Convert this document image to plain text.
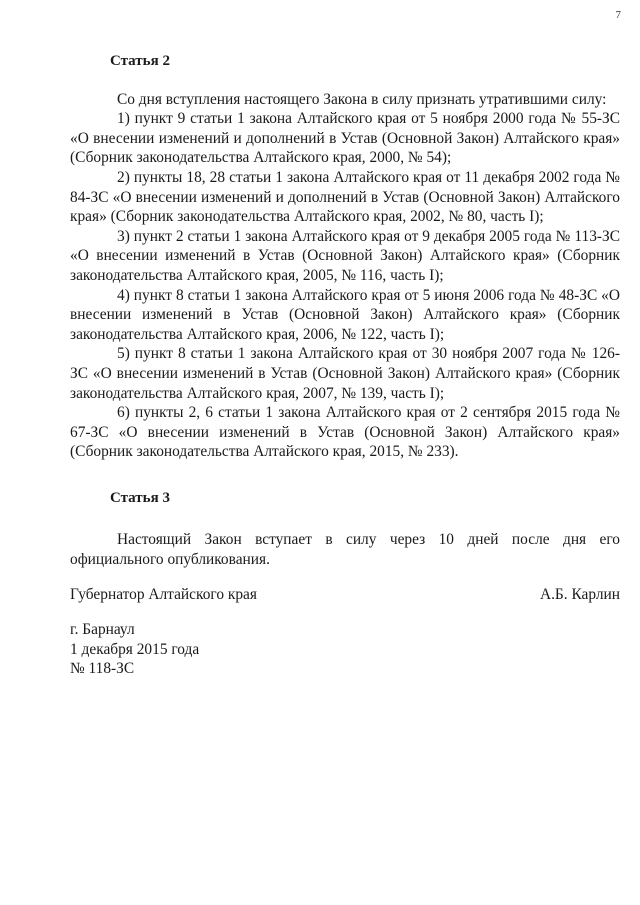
7

Статья 2

Со дня вступления настоящего Закона в силу признать утратившими силу:

1) пункт 9 статьи 1 закона Алтайского края от 5 ноября 2000 года № 55-ЗС «О внесении изменений и дополнений в Устав (Основной Закон) Алтайского края» (Сборник законодательства Алтайского края, 2000, № 54);

2) пункты 18, 28 статьи 1 закона Алтайского края от 11 декабря 2002 года № 84-ЗС «О внесении изменений и дополнений в Устав (Основной Закон) Алтайского края» (Сборник законодательства Алтайского края, 2002, № 80, часть I);

3) пункт 2 статьи 1 закона Алтайского края от 9 декабря 2005 года № 113-ЗС «О внесении изменений в Устав (Основной Закон) Алтайского края» (Сборник законодательства Алтайского края, 2005, № 116, часть I);

4) пункт 8 статьи 1 закона Алтайского края от 5 июня 2006 года № 48-ЗС «О внесении изменений в Устав (Основной Закон) Алтайского края» (Сборник законодательства Алтайского края, 2006, № 122, часть I);

5) пункт 8 статьи 1 закона Алтайского края от 30 ноября 2007 года № 126-ЗС «О внесении изменений в Устав (Основной Закон) Алтайского края» (Сборник законодательства Алтайского края, 2007, № 139, часть I);

6) пункты 2, 6 статьи 1 закона Алтайского края от 2 сентября 2015 года № 67-ЗС «О внесении изменений в Устав (Основной Закон) Алтайского края» (Сборник законодательства Алтайского края, 2015, № 233).

Статья 3

Настоящий Закон вступает в силу через 10 дней после дня его официального опубликования.

Губернатор Алтайского края	А.Б. Карлин
г. Барнаул
1 декабря 2015 года
№ 118-ЗС
